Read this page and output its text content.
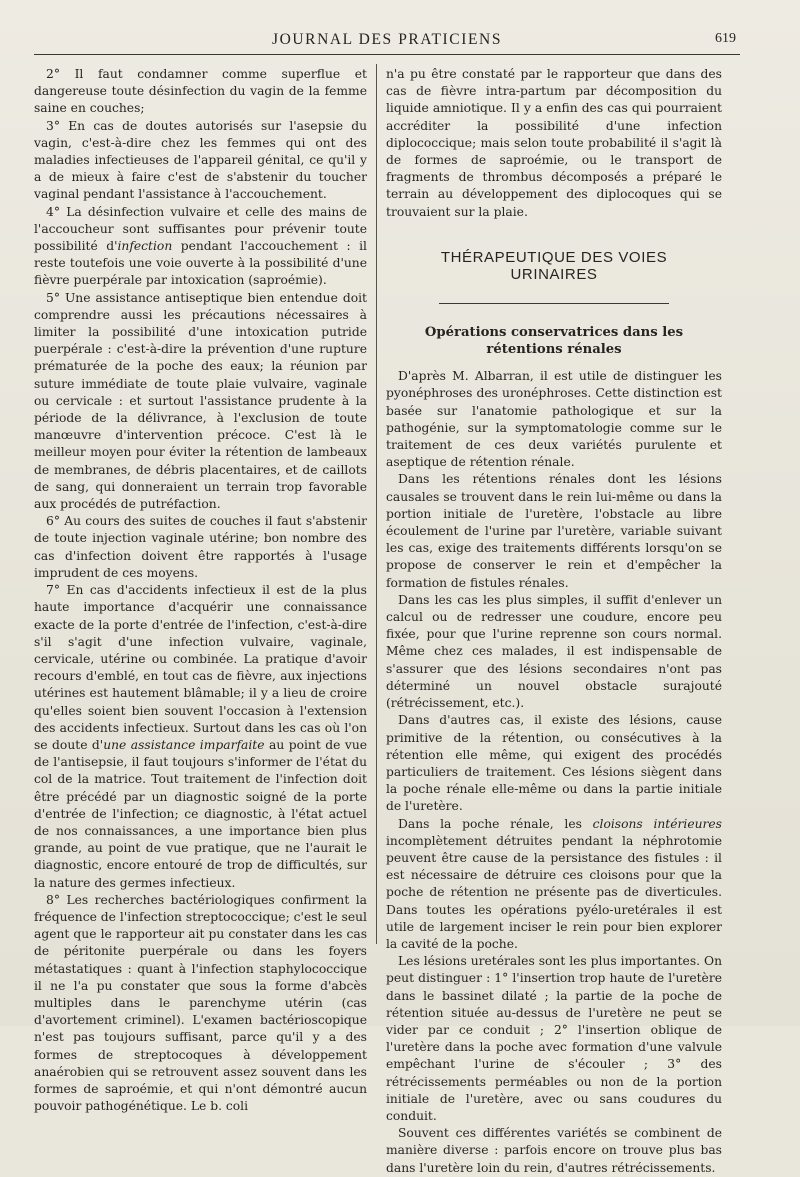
JOURNAL DES PRATICIENS	619

2° Il faut condamner comme superflue et dangereuse toute désinfection du vagin de la femme saine en couches;

3° En cas de doutes autorisés sur l'asepsie du vagin, c'est-à-dire chez les femmes qui ont des maladies infectieuses de l'appareil génital, ce qu'il y a de mieux à faire c'est de s'abstenir du toucher vaginal pendant l'assistance à l'accouchement.

4° La désinfection vulvaire et celle des mains de l'accoucheur sont suffisantes pour prévenir toute possibilité d'infection pendant l'accouchement : il reste toutefois une voie ouverte à la possibilité d'une fièvre puerpérale par intoxication (saproémie).

5° Une assistance antiseptique bien entendue doit comprendre aussi les précautions nécessaires à limiter la possibilité d'une intoxication putride puerpérale : c'est-à-dire la prévention d'une rupture prématurée de la poche des eaux; la réunion par suture immédiate de toute plaie vulvaire, vaginale ou cervicale : et surtout l'assistance prudente à la période de la délivrance, à l'exclusion de toute manœuvre d'intervention précoce. C'est là le meilleur moyen pour éviter la rétention de lambeaux de membranes, de débris placentaires, et de caillots de sang, qui donneraient un terrain trop favorable aux procédés de putréfaction.

6° Au cours des suites de couches il faut s'abstenir de toute injection vaginale utérine; bon nombre des cas d'infection doivent être rapportés à l'usage imprudent de ces moyens.

7° En cas d'accidents infectieux il est de la plus haute importance d'acquérir une connaissance exacte de la porte d'entrée de l'infection, c'est-à-dire s'il s'agit d'une infection vulvaire, vaginale, cervicale, utérine ou combinée. La pratique d'avoir recours d'emblé, en tout cas de fièvre, aux injections utérines est hautement blâmable; il y a lieu de croire qu'elles soient bien souvent l'occasion à l'extension des accidents infectieux. Surtout dans les cas où l'on se doute d'une assistance imparfaite au point de vue de l'antisepsie, il faut toujours s'informer de l'état du col de la matrice. Tout traitement de l'infection doit être précédé par un diagnostic soigné de la porte d'entrée de l'infection; ce diagnostic, à l'état actuel de nos connaissances, a une importance bien plus grande, au point de vue pratique, que ne l'aurait le diagnostic, encore entouré de trop de difficultés, sur la nature des germes infectieux.

8° Les recherches bactériologiques confirment la fréquence de l'infection streptococcique; c'est le seul agent que le rapporteur ait pu constater dans les cas de péritonite puerpérale ou dans les foyers métastatiques : quant à l'infection staphylococcique il ne l'a pu constater que sous la forme d'abcès multiples dans le parenchyme utérin (cas d'avortement criminel). L'examen bactérioscopique n'est pas toujours suffisant, parce qu'il y a des formes de streptocoques à développement anaérobien qui se retrouvent assez souvent dans les formes de saproémie, et qui n'ont démontré aucun pouvoir pathogénétique. Le b. coli

n'a pu être constaté par le rapporteur que dans des cas de fièvre intra-partum par décomposition du liquide amniotique. Il y a enfin des cas qui pourraient accréditer la possibilité d'une infection diplococcique; mais selon toute probabilité il s'agit là de formes de saproémie, ou le transport de fragments de thrombus décomposés a préparé le terrain au développement des diplocoques qui se trouvaient sur la plaie.

THÉRAPEUTIQUE DES VOIES URINAIRES
Opérations conservatrices dans les rétentions rénales

D'après M. Albarran, il est utile de distinguer les pyonéphroses des uronéphroses. Cette distinction est basée sur l'anatomie pathologique et sur la pathogénie, sur la symptomatologie comme sur le traitement de ces deux variétés purulente et aseptique de rétention rénale.

Dans les rétentions rénales dont les lésions causales se trouvent dans le rein lui-même ou dans la portion initiale de l'uretère, l'obstacle au libre écoulement de l'urine par l'uretère, variable suivant les cas, exige des traitements différents lorsqu'on se propose de conserver le rein et d'empêcher la formation de fistules rénales.

Dans les cas les plus simples, il suffit d'enlever un calcul ou de redresser une coudure, encore peu fixée, pour que l'urine reprenne son cours normal. Même chez ces malades, il est indispensable de s'assurer que des lésions secondaires n'ont pas déterminé un nouvel obstacle surajouté (rétrécissement, etc.).

Dans d'autres cas, il existe des lésions, cause primitive de la rétention, ou consécutives à la rétention elle même, qui exigent des procédés particuliers de traitement. Ces lésions siègent dans la poche rénale elle-même ou dans la partie initiale de l'uretère.

Dans la poche rénale, les cloisons intérieures incomplètement détruites pendant la néphrotomie peuvent être cause de la persistance des fistules : il est nécessaire de détruire ces cloisons pour que la poche de rétention ne présente pas de diverticules. Dans toutes les opérations pyélo-uretérales il est utile de largement inciser le rein pour bien explorer la cavité de la poche.

Les lésions uretérales sont les plus importantes. On peut distinguer : 1° l'insertion trop haute de l'uretère dans le bassinet dilaté ; la partie de la poche de rétention située au-dessus de l'uretère ne peut se vider par ce conduit ; 2° l'insertion oblique de l'uretère dans la poche avec formation d'une valvule empêchant l'urine de s'écouler ; 3° des rétrécissements perméables ou non de la portion initiale de l'uretère, avec ou sans coudures du conduit.

Souvent ces différentes variétés se combinent de manière diverse : parfois encore on trouve plus bas dans l'uretère loin du rein, d'autres rétrécissements.
